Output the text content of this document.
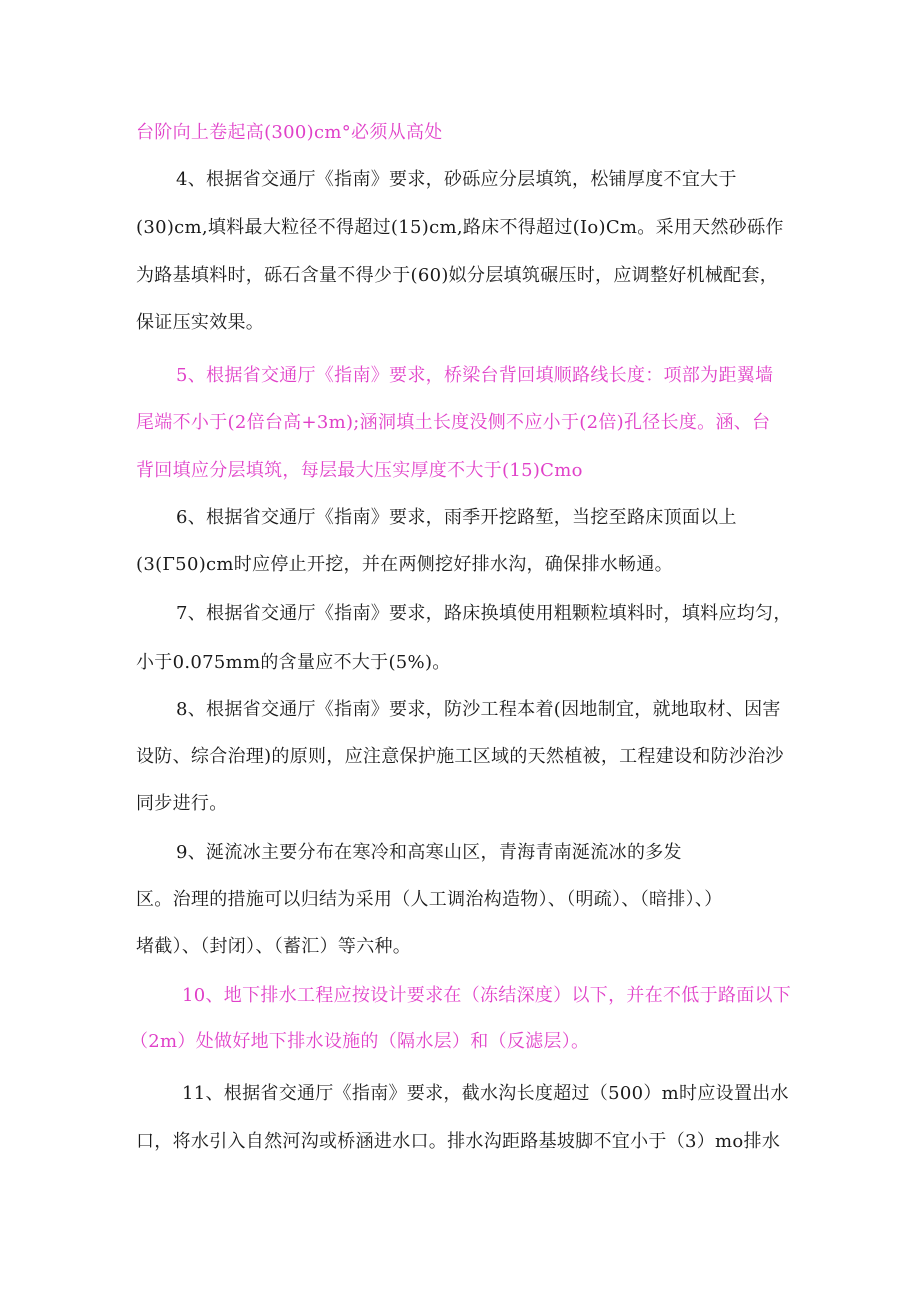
台阶向上卷起高(300)cm°必须从高处
4、根据省交通厅《指南》要求，砂砾应分层填筑，松铺厚度不宜大于
(30)cm,填料最大粒径不得超过(15)cm,路床不得超过(Io)Cm。采用天然砂砾作
为路基填料时，砾石含量不得少于(60)姒分层填筑碾压时，应调整好机械配套，
保证压实效果。
5、根据省交通厅《指南》要求，桥梁台背回填顺路线长度：项部为距翼墙
尾端不小于(2倍台高+3m);涵洞填土长度没侧不应小于(2倍)孔径长度。涵、台
背回填应分层填筑，每层最大压实厚度不大于(15)Cmo
6、根据省交通厅《指南》要求，雨季开挖路堑，当挖至路床顶面以上
(3(Γ50)cm时应停止开挖，并在两侧挖好排水沟，确保排水畅通。
7、根据省交通厅《指南》要求，路床换填使用粗颗粒填料时，填料应均匀，
小于0.075mm的含量应不大于(5%)。
8、根据省交通厅《指南》要求，防沙工程本着(因地制宜，就地取材、因害
设防、综合治理)的原则，应注意保护施工区域的天然植被，工程建设和防沙治沙
同步进行。
9、涎流冰主要分布在寒冷和高寒山区，青海青南涎流冰的多发
区。治理的措施可以归结为采用（人工调治构造物）、（明疏）、（暗排）、）
堵截）、（封闭）、（蓄汇）等六种。
10、地下排水工程应按设计要求在（冻结深度）以下，并在不低于路面以下
（2m）处做好地下排水设施的（隔水层）和（反滤层）。
11、根据省交通厅《指南》要求，截水沟长度超过（500）m时应设置出水
口，将水引入自然河沟或桥涵进水口。排水沟距路基坡脚不宜小于（3）mo排水
